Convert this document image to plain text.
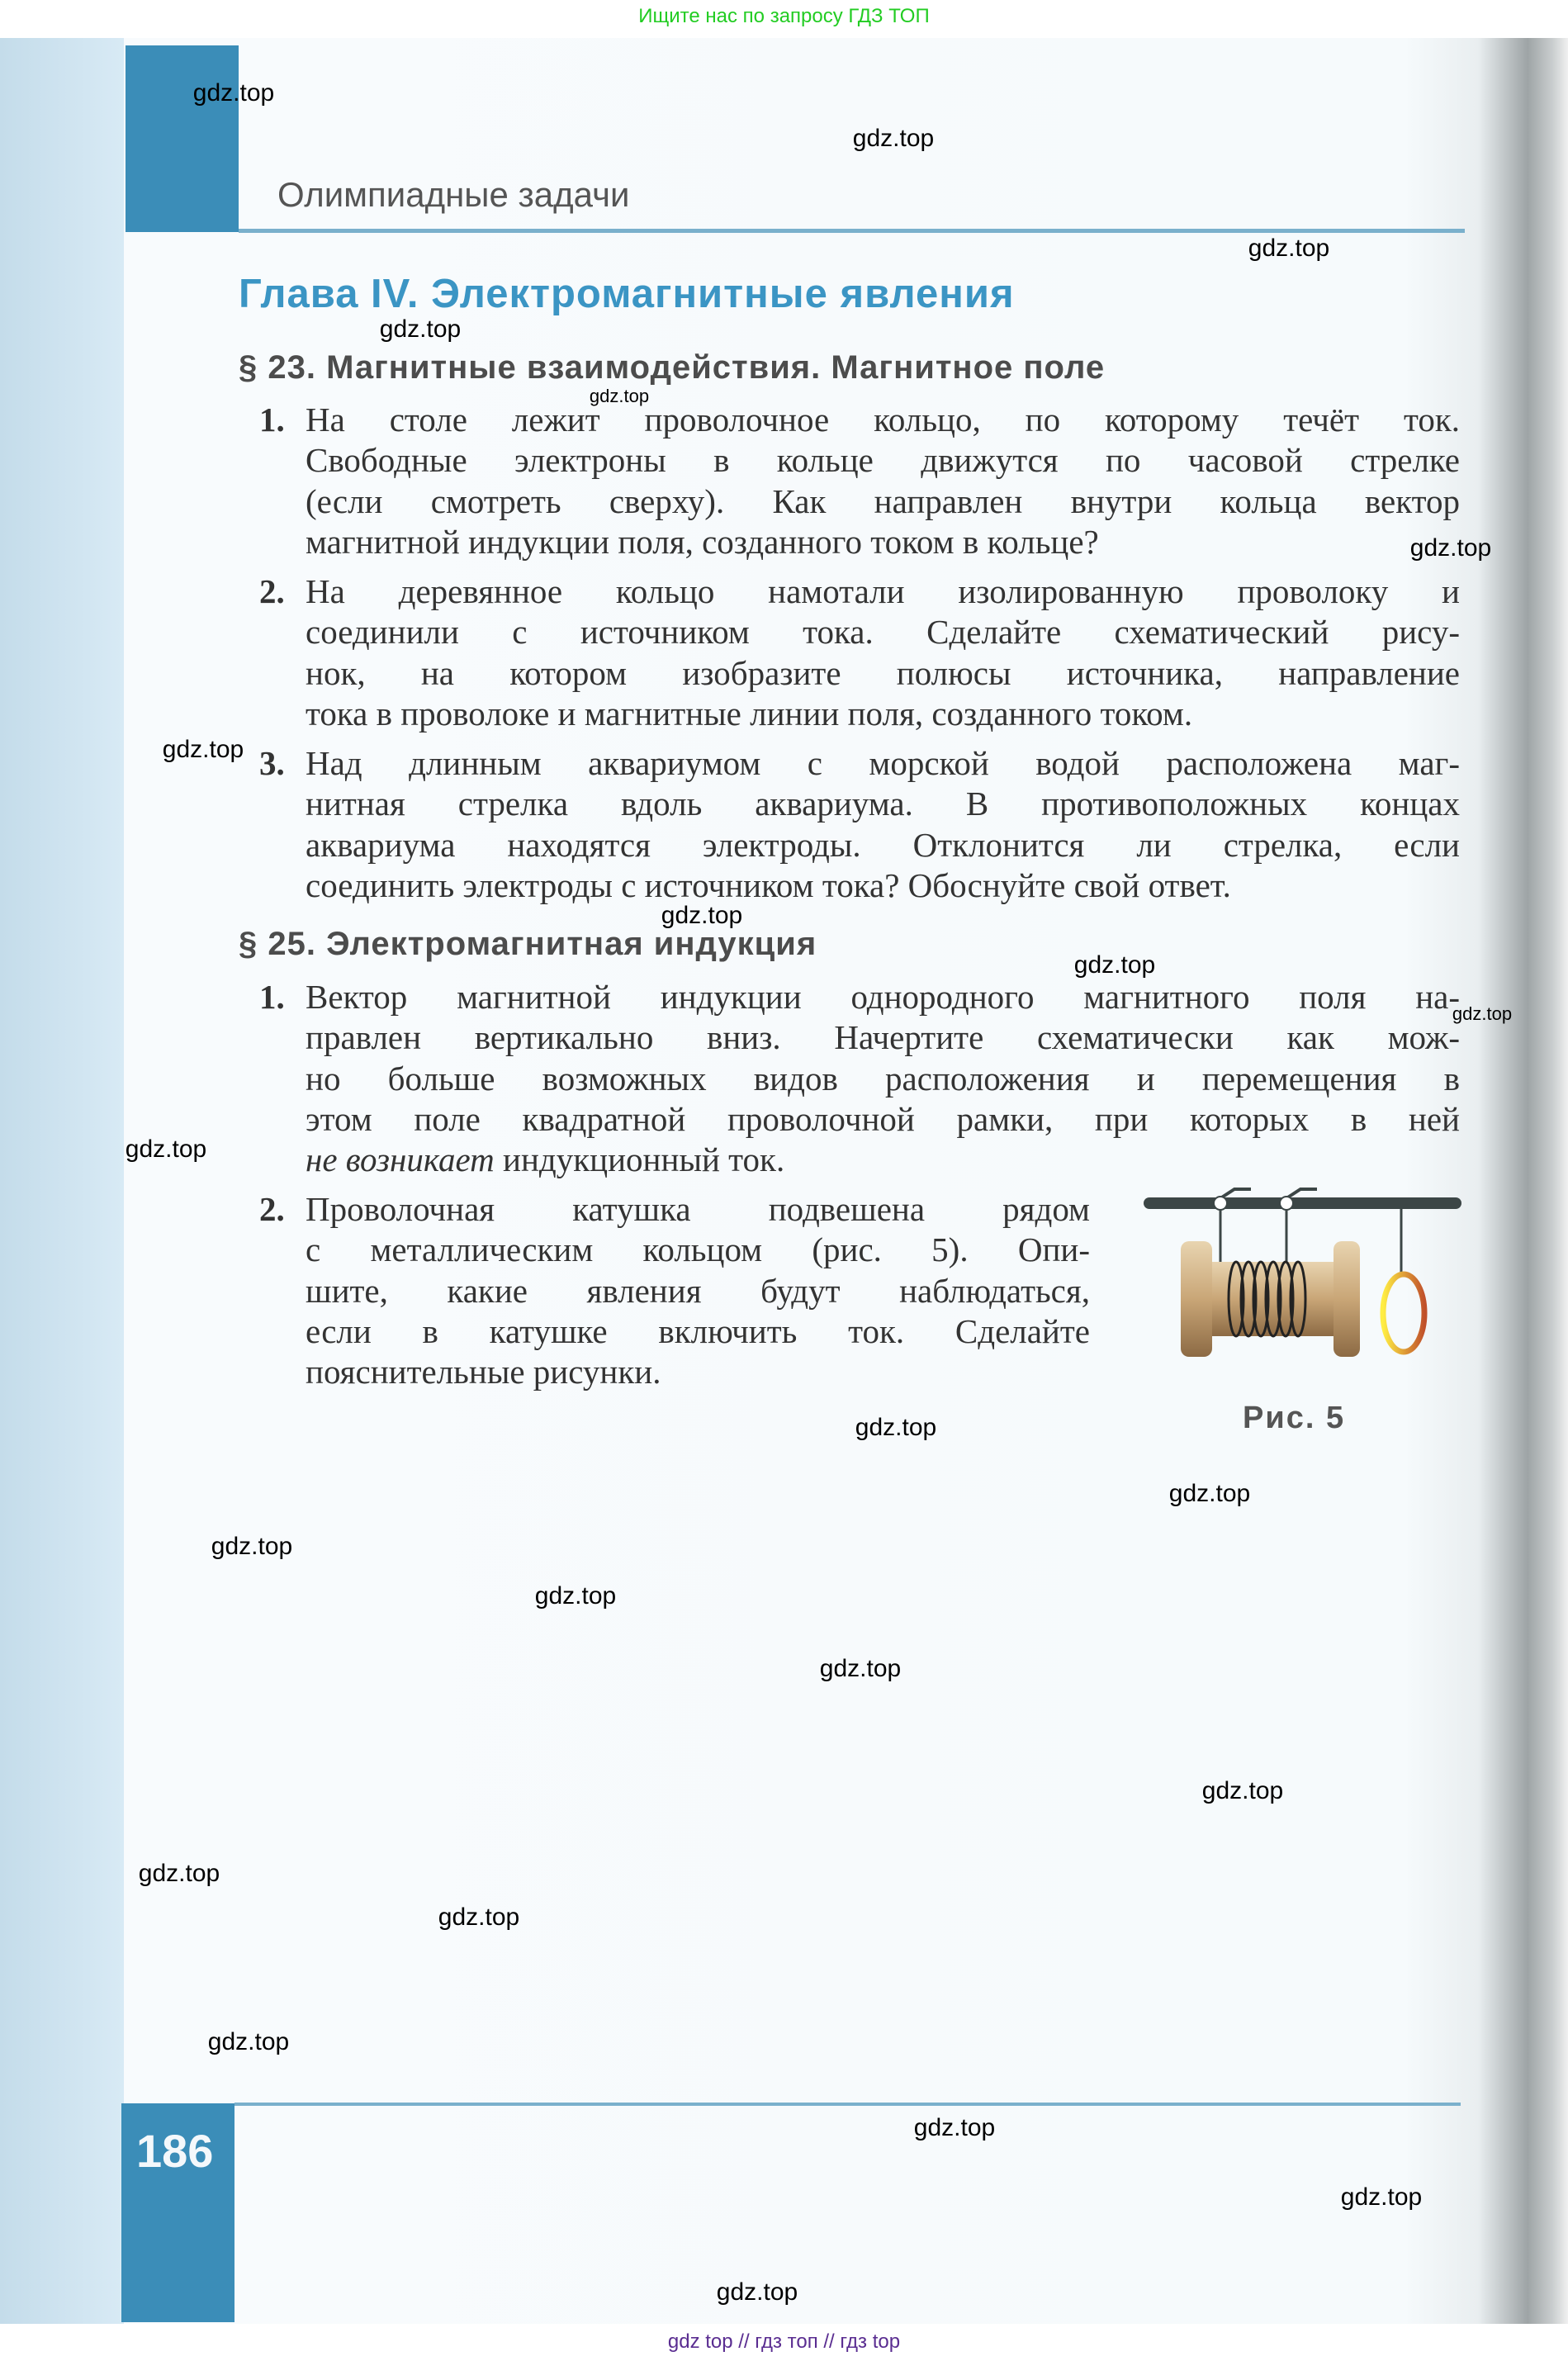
Ищите нас по запросу ГДЗ ТОП
Олимпиадные задачи
Глава IV. Электромагнитные явления
§ 23. Магнитные взаимодействия. Магнитное поле
§ 25. Электромагнитная индукция
1. На столе лежит проволочное кольцо, по которому течёт ток.
Свободные электроны в кольце движутся по часовой стрелке
(если смотреть сверху). Как направлен внутри кольца вектор
магнитной индукции поля, созданного током в кольце?
2. На деревянное кольцо намотали изолированную проволоку и
соединили с источником тока. Сделайте схематический рису-
нок, на котором изобразите полюсы источника, направление
тока в проволоке и магнитные линии поля, созданного током.
3. Над длинным аквариумом с морской водой расположена маг-
нитная стрелка вдоль аквариума. В противоположных концах
аквариума находятся электроды. Отклонится ли стрелка, если
соединить электроды с источником тока? Обоснуйте свой ответ.
1. Вектор магнитной индукции однородного магнитного поля на-
правлен вертикально вниз. Начертите схематически как мож-
но больше возможных видов расположения и перемещения в
этом поле квадратной проволочной рамки, при которых в ней
не возникает индукционный ток.
2. Проволочная катушка подвешена рядом
с металлическим кольцом (рис. 5). Опи-
шите, какие явления будут наблюдаться,
если в катушке включить ток. Сделайте
пояснительные рисунки.
Рис. 5
186
gdz.top
gdz.top
gdz.top
gdz.top
gdz.top
gdz.top
gdz.top
gdz.top
gdz.top
gdz.top
gdz.top
gdz.top
gdz.top
gdz.top
gdz.top
gdz.top
gdz.top
gdz.top
gdz.top
gdz.top
gdz.top
gdz.top
gdz.top
gdz top // гдз топ // гдз top
